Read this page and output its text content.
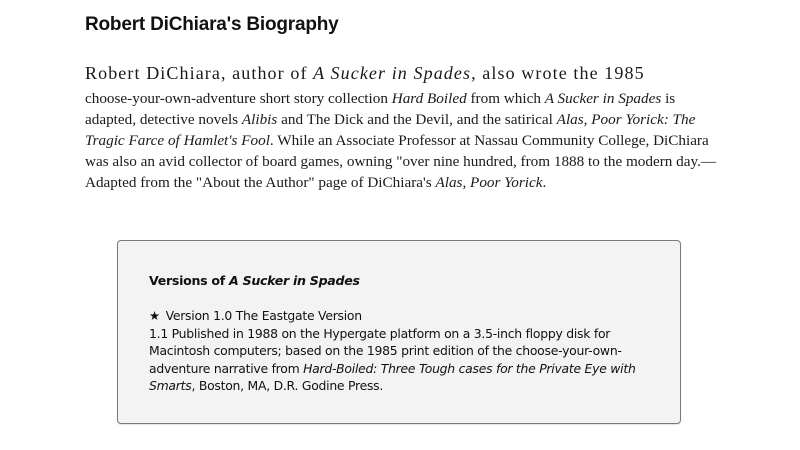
Robert DiChiara's Biography

Robert DiChiara, author of A Sucker in Spades, also wrote the 1985
choose-your-own-adventure short story collection Hard Boiled from which A Sucker in Spades is adapted, detective novels Alibis and The Dick and the Devil, and the satirical Alas, Poor Yorick: The Tragic Farce of Hamlet's Fool. While an Associate Professor at Nassau Community College, DiChiara was also an avid collector of board games, owning "over nine hundred, from 1888 to the modern day.––Adapted from the "About the Author" page of DiChiara's Alas, Poor Yorick.

Versions of A Sucker in Spades
★ Version 1.0 The Eastgate Version
1.1 Published in 1988 on the Hypergate platform on a 3.5-inch floppy disk for Macintosh computers; based on the 1985 print edition of the choose-your-own-adventure narrative from Hard-Boiled: Three Tough cases for the Private Eye with Smarts, Boston, MA, D.R. Godine Press.
